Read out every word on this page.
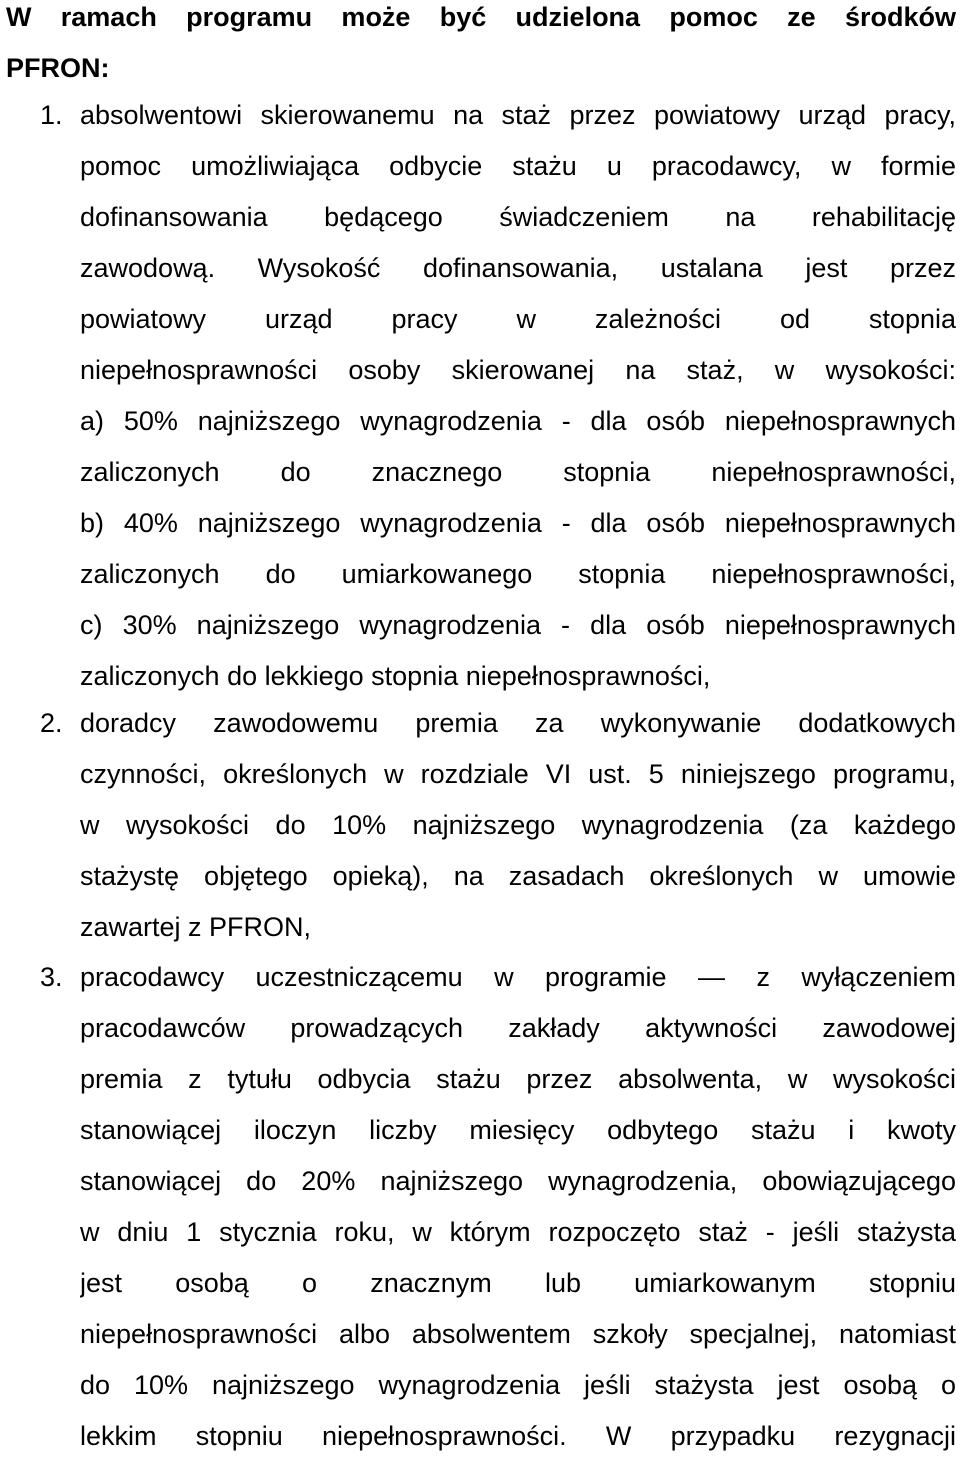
W ramach programu może być udzielona pomoc ze środków
PFRON:
1. absolwentowi skierowanemu na staż przez powiatowy urząd pracy,
pomoc umożliwiająca odbycie stażu u pracodawcy, w formie
dofinansowania będącego świadczeniem na rehabilitację
zawodową. Wysokość dofinansowania, ustalana jest przez
powiatowy urząd pracy w zależności od stopnia
niepełnosprawności osoby skierowanej na staż, w wysokości:
a) 50% najniższego wynagrodzenia - dla osób niepełnosprawnych
zaliczonych do znacznego stopnia niepełnosprawności,
b) 40% najniższego wynagrodzenia - dla osób niepełnosprawnych
zaliczonych do umiarkowanego stopnia niepełnosprawności,
c) 30% najniższego wynagrodzenia - dla osób niepełnosprawnych
zaliczonych do lekkiego stopnia niepełnosprawności,
2. doradcy zawodowemu premia za wykonywanie dodatkowych
czynności, określonych w rozdziale VI ust. 5 niniejszego programu,
w wysokości do 10% najniższego wynagrodzenia (za każdego
stażystę objętego opieką), na zasadach określonych w umowie
zawartej z PFRON,
3. pracodawcy uczestniczącemu w programie — z wyłączeniem
pracodawców prowadzących zakłady aktywności zawodowej
premia z tytułu odbycia stażu przez absolwenta, w wysokości
stanowiącej iloczyn liczby miesięcy odbytego stażu i kwoty
stanowiącej do 20% najniższego wynagrodzenia, obowiązującego
w dniu 1 stycznia roku, w którym rozpoczęto staż - jeśli stażysta
jest osobą o znacznym lub umiarkowanym stopniu
niepełnosprawności albo absolwentem szkoły specjalnej, natomiast
do 10% najniższego wynagrodzenia jeśli stażysta jest osobą o
lekkim stopniu niepełnosprawności. W przypadku rezygnacji
